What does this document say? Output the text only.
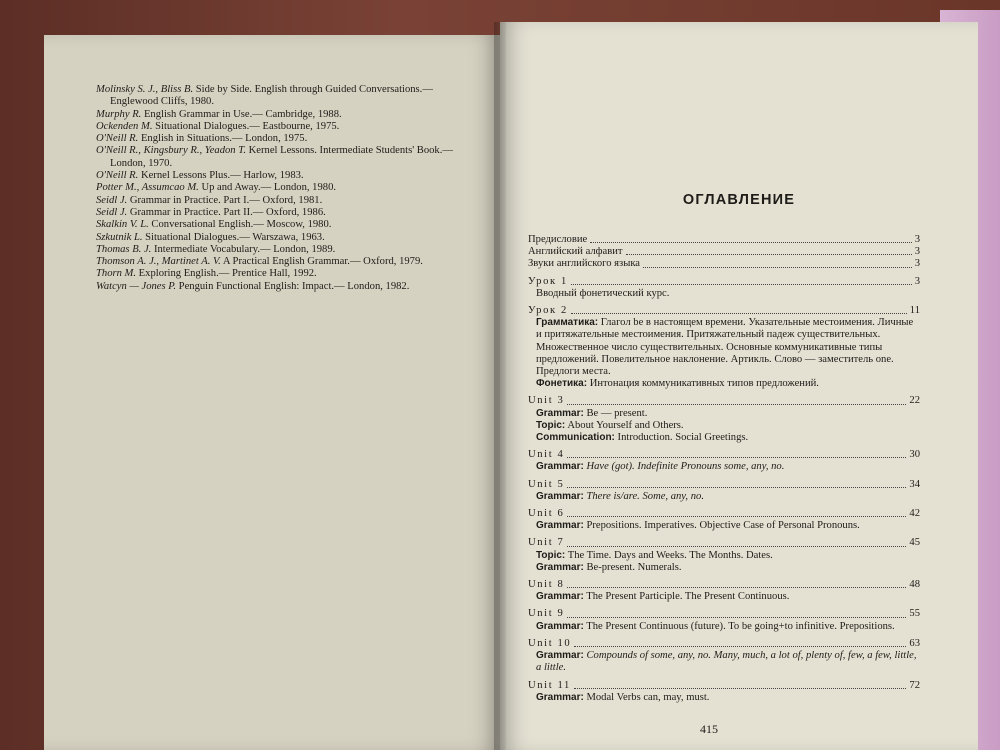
Molinsky S. J., Bliss B. Side by Side. English through Guided Conversations.— Englewood Cliffs, 1980.

Murphy R. English Grammar in Use.— Cambridge, 1988.

Ockenden M. Situational Dialogues.— Eastbourne, 1975.

O'Neill R. English in Situations.— London, 1975.

O'Neill R., Kingsbury R., Yeadon T. Kernel Lessons. Intermediate Students' Book.— London, 1970.

O'Neill R. Kernel Lessons Plus.— Harlow, 1983.

Potter M., Assumcao M. Up and Away.— London, 1980.

Seidl J. Grammar in Practice. Part I.— Oxford, 1981.

Seidl J. Grammar in Practice. Part II.— Oxford, 1986.

Skalkin V. L. Conversational English.— Moscow, 1980.

Szkutnik L. Situational Dialogues.— Warszawa, 1963.

Thomas B. J. Intermediate Vocabulary.— London, 1989.

Thomson A. J., Martinet A. V. A Practical English Grammar.— Oxford, 1979.

Thorn M. Exploring English.— Prentice Hall, 1992.

Watcyn — Jones P. Penguin Functional English: Impact.— London, 1982.

ОГЛАВЛЕНИЕ
Предисловие	3
Английский алфавит	3
Звуки английского языка	3
Урок 1	3

Вводный фонетический курс.

Урок 2	11

Грамматика: Глагол be в настоящем времени. Указательные местоимения. Личные и притяжательные местоимения. Притяжательный падеж существительных. Множественное число существительных. Основные коммуникативные типы предложений. Повелительное наклонение. Артикль. Слово — заместитель one. Предлоги места.

Фонетика: Интонация коммуникативных типов предложений.

Unit 3	22

Grammar: Be — present.

Topic: About Yourself and Others.

Communication: Introduction. Social Greetings.

Unit 4	30

Grammar: Have (got). Indefinite Pronouns some, any, no.

Unit 5	34

Grammar: There is/are. Some, any, no.

Unit 6	42

Grammar: Prepositions. Imperatives. Objective Case of Personal Pronouns.

Unit 7	45

Topic: The Time. Days and Weeks. The Months. Dates.

Grammar: Be-present. Numerals.

Unit 8	48

Grammar: The Present Participle. The Present Continuous.

Unit 9	55

Grammar: The Present Continuous (future). To be going+to infinitive. Prepositions.

Unit 10	63

Grammar: Compounds of some, any, no. Many, much, a lot of, plenty of, few, a few, little, a little.

Unit 11	72

Grammar: Modal Verbs can, may, must.

415
